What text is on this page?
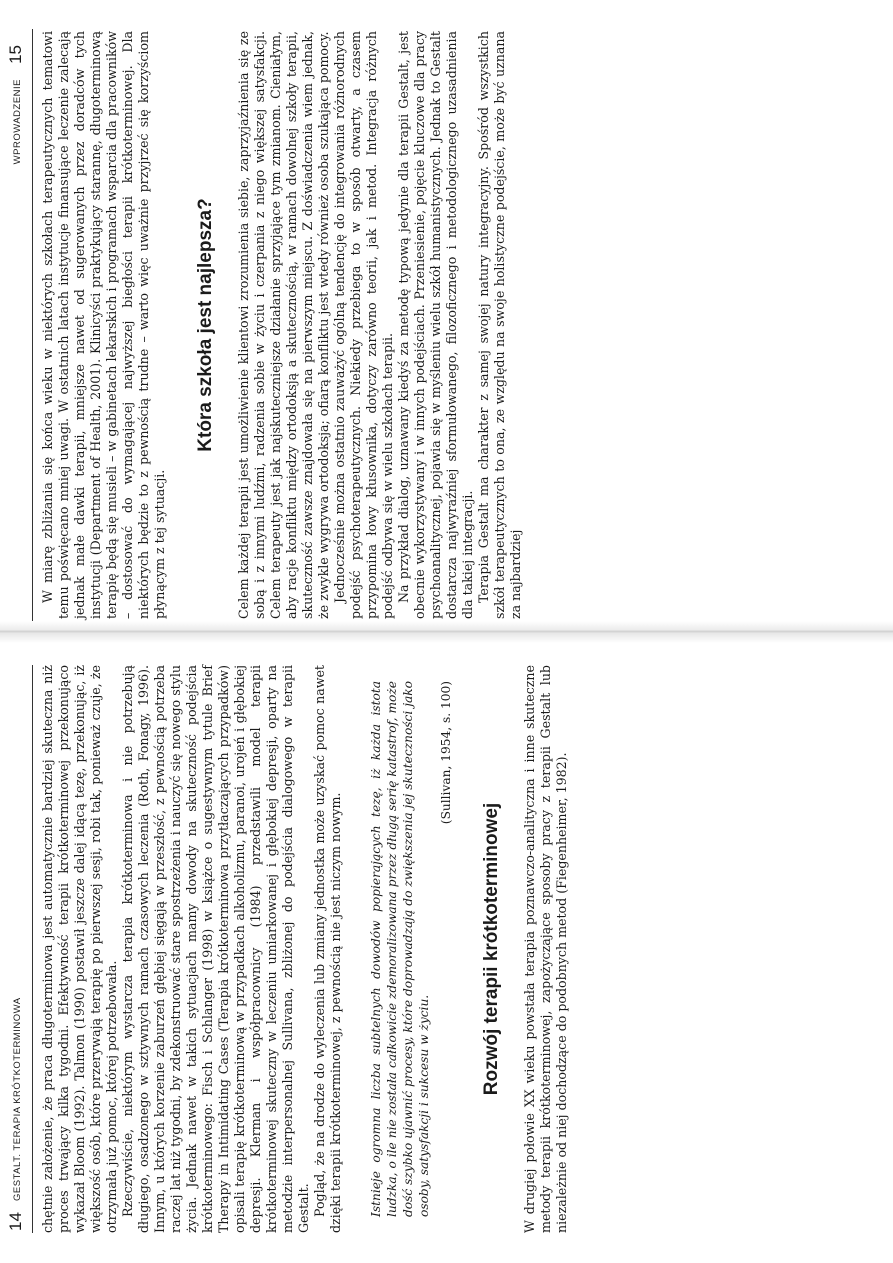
14
GESTALT. TERAPIA KRÓTKOTERMINOWA chętnie założenie, że praca długoterminowa jest automatycznie bardziej skuteczna niż proces trwający kilka tygodni. Efektywność terapii krótkoterminowej przekonująco wykazał Bloom (1992). Talmon (1990) postawił jeszcze dalej idącą tezę, przekonując, iż większość osób, które przerywają terapię po pierwszej sesji, robi tak, ponieważ czuje, że otrzymała już pomoc, której potrzebowała. Rzeczywiście, niektórym wystarcza terapia krótkoterminowa i nie potrzebują długiego, osadzonego w sztywnych ramach czasowych leczenia (Roth, Fonagy, 1996). Innym, u których korzenie zaburzeń głębiej sięgają w przeszłość, z pewnością potrzeba raczej lat niż tygodni, by zdekonstruować stare spostrzeżenia i nauczyć się nowego stylu życia. Jednak nawet w takich sytuacjach mamy dowody na skuteczność podejścia krótkoterminowego: Fisch i Schlanger (1998) w książce o sugestywnym tytule Brief Therapy in Intimidating Cases (Terapia krótkoterminowa przytłaczających przypadków) opisali terapię krótkoterminową w przypadkach alkoholizmu, paranoi, urojeń i głębokiej depresji. Klerman i współpracownicy (1984) przedstawili model terapii krótkoterminowej skuteczny w leczeniu umiarkowanej i głębokiej depresji, oparty na metodzie interpersonalnej Sullivana, zbliżonej do podejścia dialogowego w terapii Gestalt. Pogląd, że na drodze do wyleczenia lub zmiany jednostka może uzyskać pomoc nawet dzięki terapii krótkoterminowej, z pewnością nie jest niczym nowym. Istnieje ogromna liczba subtelnych dowodów popierających tezę, iż każda istota ludzka, o ile nie została całkowicie zdemoralizowana przez długą serię katastrof, może dość szybko ujawnić procesy, które doprowadzają do zwiększenia jej skuteczności jako osoby, satysfakcji i sukcesu w życiu.
(Sullivan, 1954, s. 100)
Rozwój terapii krótkoterminowej W drugiej połowie XX wieku powstała terapia poznawczo-analityczna i inne skuteczne metody terapii krótkoterminowej, zapożyczające sposoby pracy z terapii Gestalt lub niezależnie od niej dochodzące do podobnych metod (Fiegenheimer, 1982).

WPROWADZENIE
15 W miarę zbliżania się końca wieku w niektórych szkołach terapeutycznych tematowi temu poświęcano mniej uwagi. W ostatnich latach instytucje finansujące leczenie zalecają jednak małe dawki terapii, mniejsze nawet od sugerowanych przez doradców tych instytucji (Department of Health, 2001). Klinicyści praktykujący starannę, długoterminową terapię będą się musieli – w gabinetach lekarskich i programach wsparcia dla pracowników – dostosować do wymagającej najwyższej biegłości terapii krótkoterminowej. Dla niektórych będzie to z pewnością trudne – warto więc uważnie przyjrzeć się korzyściom płynącym z tej sytuacji.

Która szkoła jest najlepsza? Celem każdej terapii jest umożliwienie klientowi zrozumienia siebie, zaprzyjaźnienia się ze sobą i z innymi ludźmi, radzenia sobie w życiu i czerpania z niego większej satysfakcji. Celem terapeuty jest jak najskuteczniejsze działanie sprzyjające tym zmianom. Cieniałym, aby racje konfliktu między ortodoksją a skutecznością, w ramach dowolnej szkoły terapii, skuteczność zawsze znajdowała się na pierwszym miejscu. Z doświadczenia wiem jednak, że zwykle wygrywa ortodoksja; ofiarą konfliktu jest wtedy również osoba szukająca pomocy. Jednocześnie można ostatnio zauważyć ogólną tendencję do integrowania różnorodnych podejść psychoterapeutycznych. Niekiedy przebiega to w sposób otwarty, a czasem przypomina łowy kłusownika, dotyczy zarówno teorii, jak i metod. Integracja różnych podejść odbywa się w wielu szkołach terapii. Na przykład dialog, uznawany kiedyś za metodę typową jedynie dla terapii Gestalt, jest obecnie wykorzystywany i w innych podejściach. Przeniesienie, pojęcie kluczowe dla pracy psychoanalitycznej, pojawia się w myśleniu wielu szkół humanistycznych. Jednak to Gestalt dostarcza najwyraźniej sformułowanego, filozoficznego i metodologicznego uzasadnienia dla takiej integracji. Terapia Gestalt ma charakter z samej swojej natury integracyjny. Spośród wszystkich szkół terapeutycznych to ona, ze względu na swoje holistyczne podejście, może być uznana za najbardziej
